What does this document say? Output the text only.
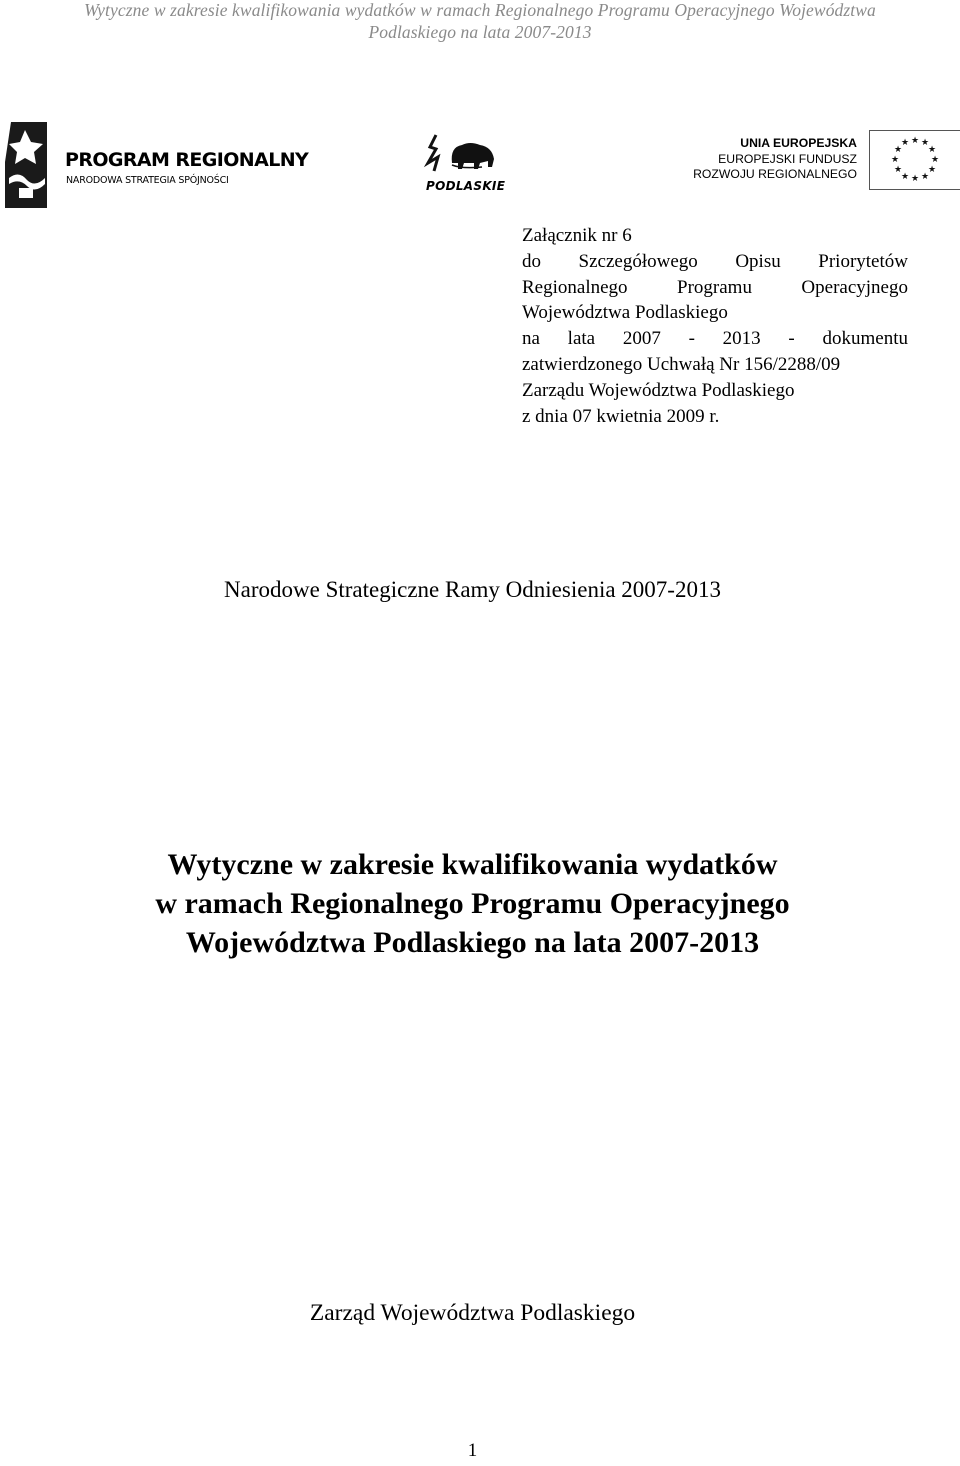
Wytyczne w zakresie kwalifikowania wydatków w ramach Regionalnego Programu Operacyjnego Województwa
Podlaskiego na lata 2007-2013
PROGRAM REGIONALNY
NARODOWA STRATEGIA SPÓJNOŚCI	PODLASKIE
UNIA EUROPEJSKA
EUROPEJSKI FUNDUSZ
ROZWOJU REGIONALNEGO
★ ★
★
★
★
★
★
★
★
★
★
★
Załącznik nr 6
do Szczegółowego Opisu Priorytetów
Regionalnego Programu Operacyjnego
Województwa Podlaskiego
na lata 2007 - 2013 - dokumentu
zatwierdzonego Uchwałą Nr 156/2288/09
Zarządu Województwa Podlaskiego
z dnia 07 kwietnia 2009 r.
Narodowe Strategiczne Ramy Odniesienia 2007-2013
Wytyczne w zakresie kwalifikowania wydatków
w ramach Regionalnego Programu Operacyjnego
Województwa Podlaskiego na lata 2007-2013
Zarząd Województwa Podlaskiego
1
